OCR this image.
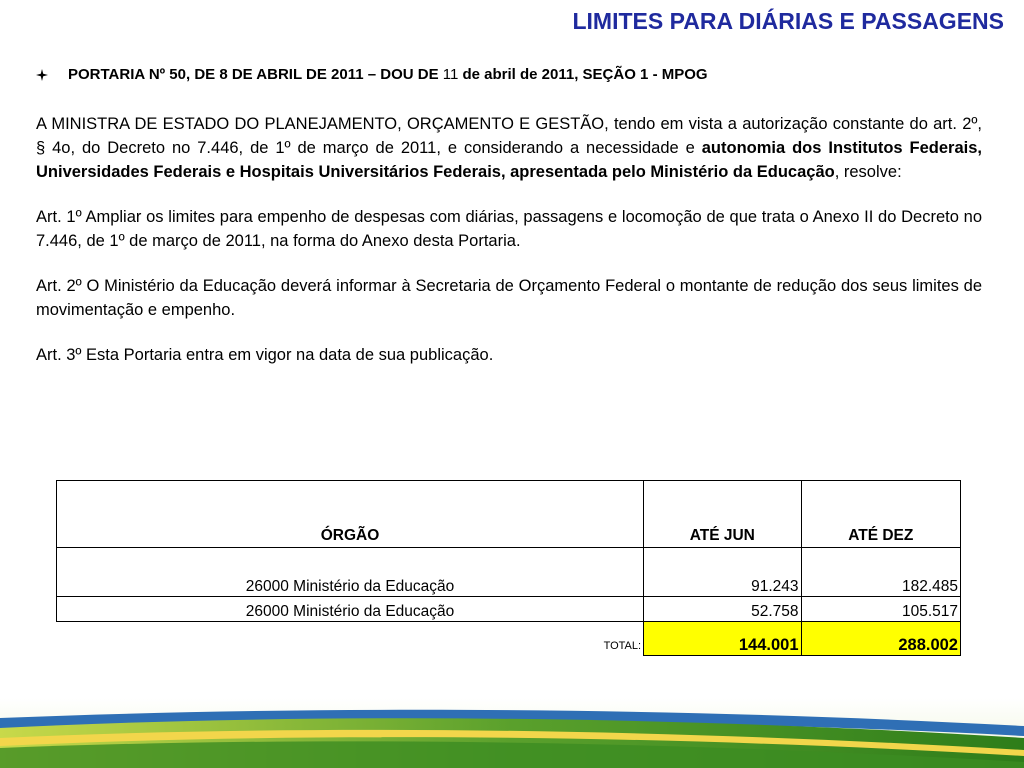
LIMITES PARA DIÁRIAS E PASSAGENS
PORTARIA Nº 50, DE 8 DE ABRIL DE 2011 – DOU DE 11 de abril de 2011, SEÇÃO 1 - MPOG

A MINISTRA DE ESTADO DO PLANEJAMENTO, ORÇAMENTO E GESTÃO, tendo em vista a autorização constante do art. 2º, § 4o, do Decreto no 7.446, de 1º de março de 2011, e considerando a necessidade e autonomia dos Institutos Federais, Universidades Federais e Hospitais Universitários Federais, apresentada pelo Ministério da Educação, resolve:

Art. 1º Ampliar os limites para empenho de despesas com diárias, passagens e locomoção de que trata o Anexo II do Decreto no 7.446, de 1º de março de 2011, na forma do Anexo desta Portaria.

Art. 2º O Ministério da Educação deverá informar à Secretaria de Orçamento Federal o montante de redução dos seus limites de movimentação e empenho.

Art. 3º Esta Portaria entra em vigor na data de sua publicação.

ÓRGÃO	ATÉ JUN	ATÉ DEZ
26000 Ministério da Educação	91.243	182.485
26000 Ministério da Educação	52.758	105.517
TOTAL:	144.001	288.002
